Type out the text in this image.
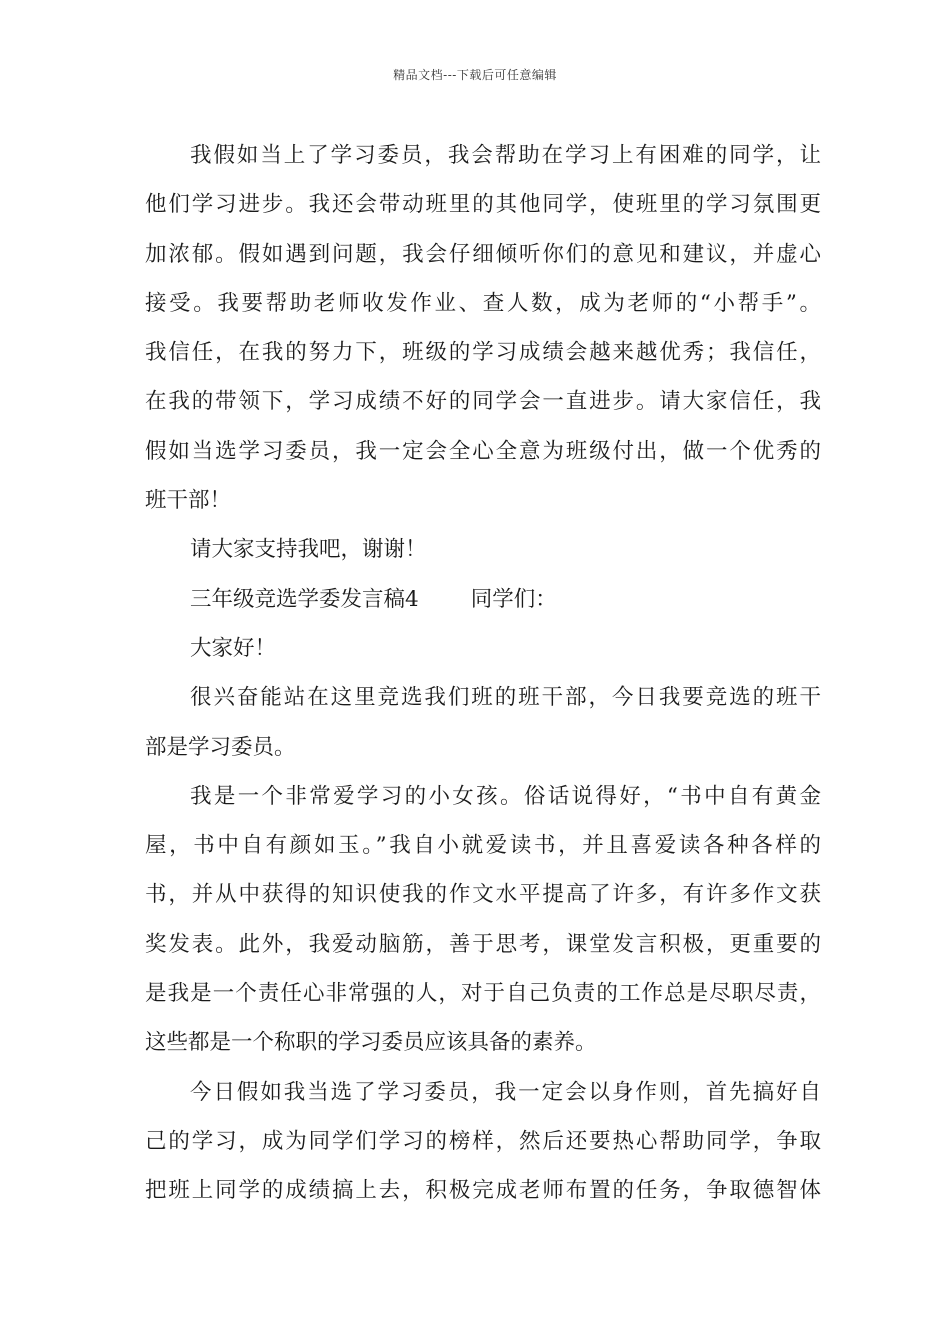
精品文档---下载后可任意编辑
我假如当上了学习委员，我会帮助在学习上有困难的同学，让
他们学习进步。我还会带动班里的其他同学，使班里的学习氛围更
加浓郁。假如遇到问题，我会仔细倾听你们的意见和建议，并虚心
接受。我要帮助老师收发作业、查人数，成为老师的“小帮手”。
我信任，在我的努力下，班级的学习成绩会越来越优秀；我信任，
在我的带领下，学习成绩不好的同学会一直进步。请大家信任，我
假如当选学习委员，我一定会全心全意为班级付出，做一个优秀的
班干部！
请大家支持我吧，谢谢！
三年级竞选学委发言稿4 同学们：
大家好！
很兴奋能站在这里竞选我们班的班干部，今日我要竞选的班干
部是学习委员。
我是一个非常爱学习的小女孩。俗话说得好，“书中自有黄金
屋，书中自有颜如玉。”我自小就爱读书，并且喜爱读各种各样的
书，并从中获得的知识使我的作文水平提高了许多，有许多作文获
奖发表。此外，我爱动脑筋，善于思考，课堂发言积极，更重要的
是我是一个责任心非常强的人，对于自己负责的工作总是尽职尽责，
这些都是一个称职的学习委员应该具备的素养。
今日假如我当选了学习委员，我一定会以身作则，首先搞好自
己的学习，成为同学们学习的榜样，然后还要热心帮助同学，争取
把班上同学的成绩搞上去，积极完成老师布置的任务，争取德智体
